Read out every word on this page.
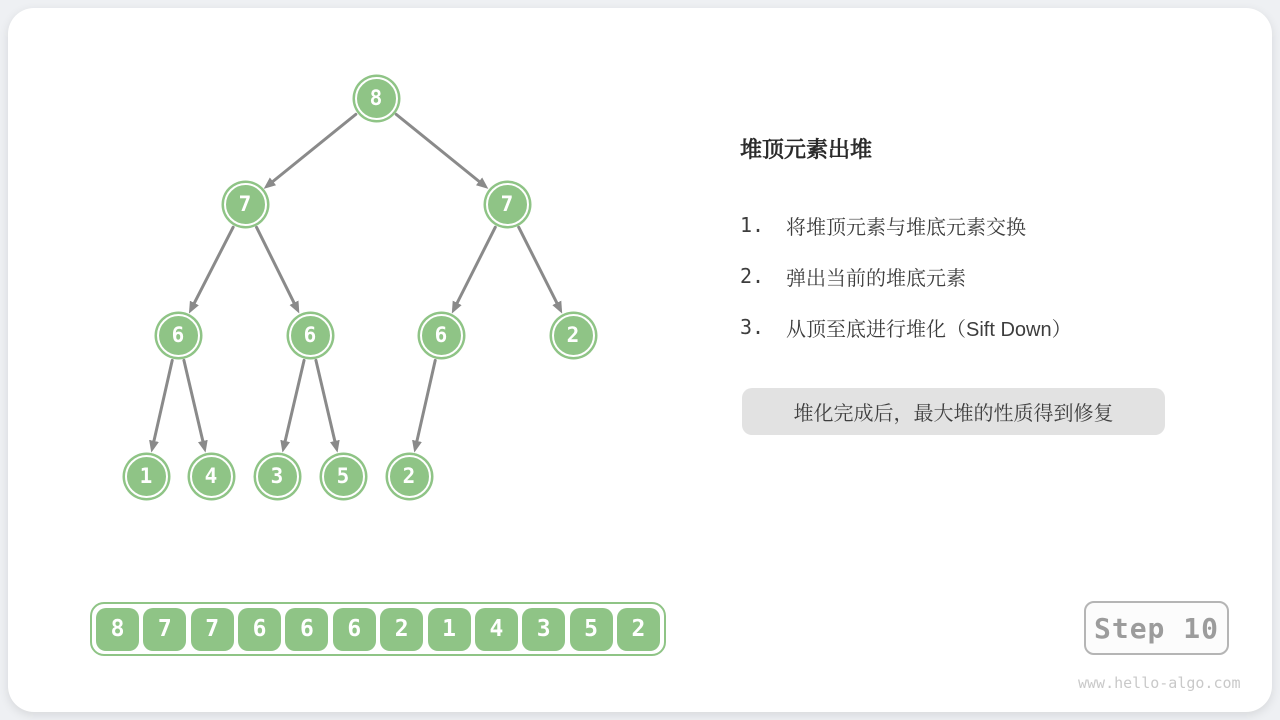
8
7	7
6	6	6	2
1	4	3	5	2
堆顶元素出堆
1.	将堆顶元素与堆底元素交换
2.	弹出当前的堆底元素
3.	从顶至底进行堆化（Sift Down）
堆化完成后，最大堆的性质得到修复
8	7	7	6	6	6	2	1	4	3	5	2	Step 10
www.hello-algo.com
